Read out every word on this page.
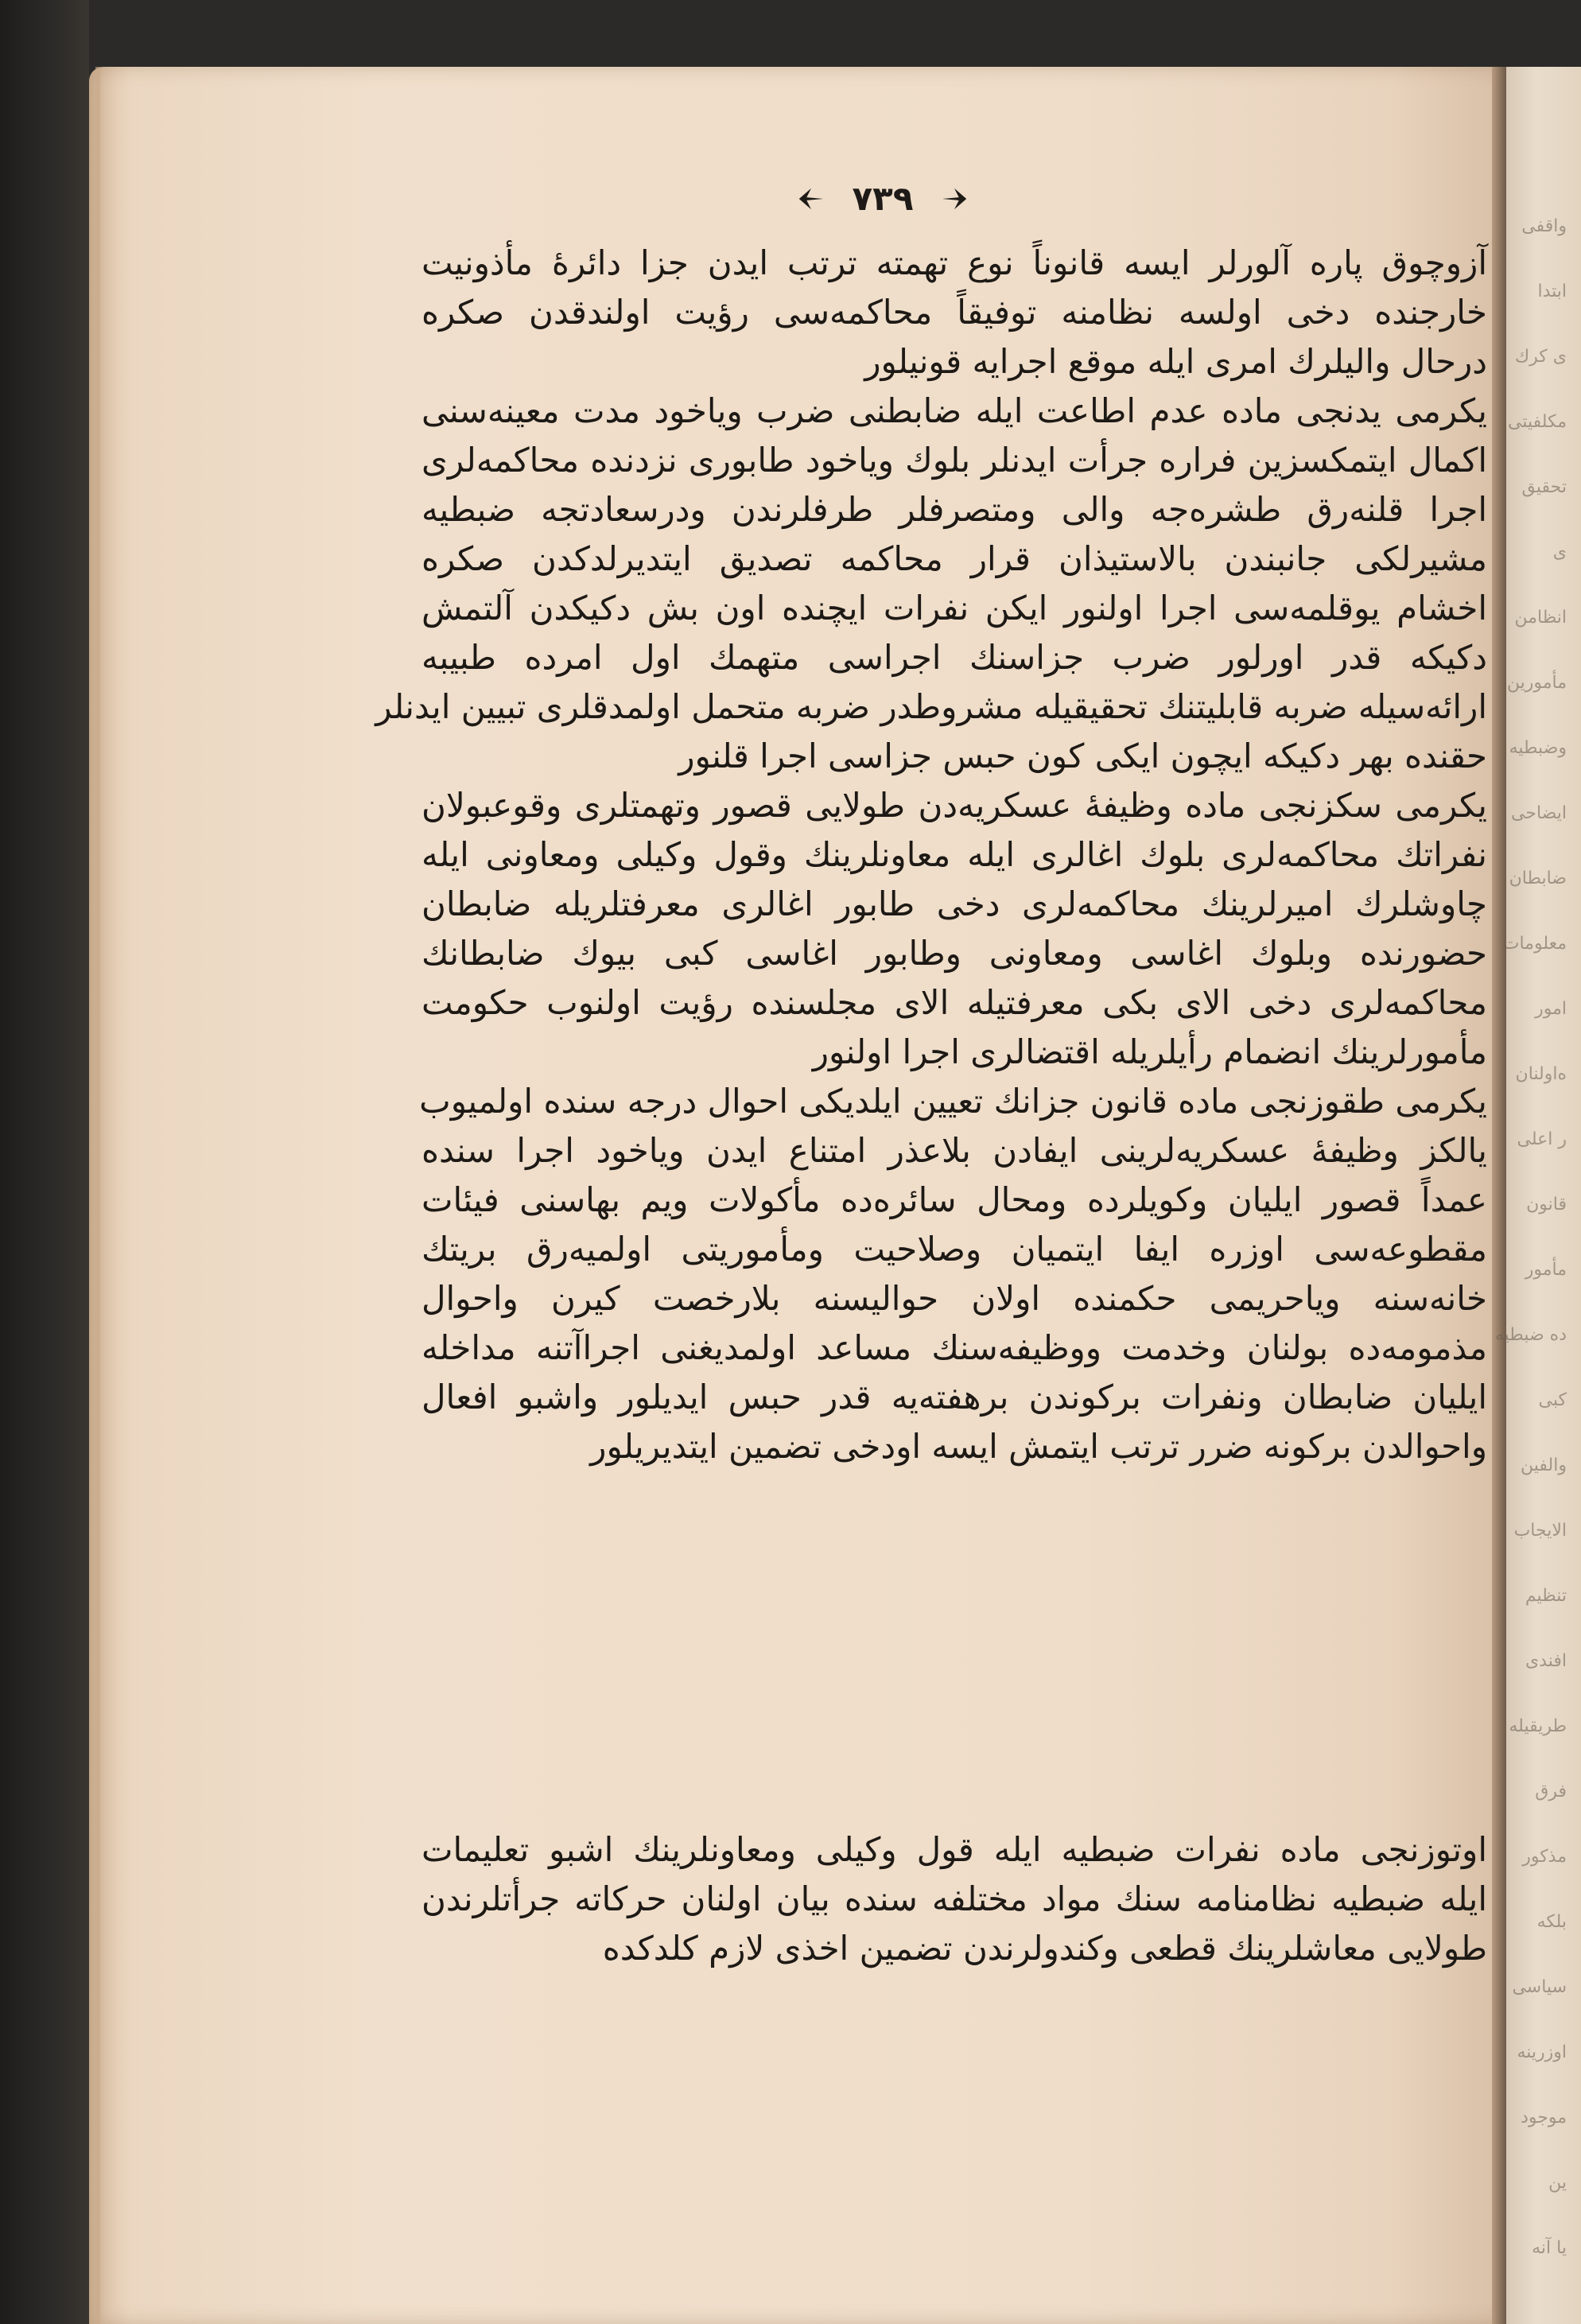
واقفی
ابتدا
ی کرك
مکلفیتی
تحقیق
ی
انظامن
مأمورین
وضبطیه
ایضاحی
ضابطان
معلومات
امور
ه‌اولنان
ر اعلی
قانون
مأمور
ده ضبطیه
کبی
والفین
الایجاب
تنظیم
افندی
طریقیله
فرق
مذکور
بلکه
سیاسی
اوزرینه
موجود
ین
یا آنه
۷۳۹
آزوچوق پاره آلورلر ایسه قانوناً نوع تهمته ترتب ایدن جزا دائرهٔ مأذونیت
خارجنده دخی اولسه نظامنه توفیقاً محاکمه‌سی رؤیت اولندقدن صکره
درحال والیلرك امری ایله موقع اجرایه قونیلور
یکرمی یدنجی ماده عدم اطاعت ایله ضابطنی ضرب ویاخود مدت معینه‌سنی
اکمال ایتمکسزین فراره جرأت ایدنلر بلوك وياخود طابوری نزدنده محاکمه‌لری
اجرا قلنه‌رق طشره‌جه والی ومتصرفلر طرفلرندن ودرسعادتجه ضبطیه
مشیرلکی جانبندن بالاستیذان قرار محاکمه تصدیق ایتدیرلدکدن صکره
اخشام یوقلمه‌سی اجرا اولنور ایکن نفرات ایچنده اون بش دکیکدن آلتمش
دکیکه قدر اورلور ضرب جزاسنك اجراسی متهمك اول امرده طبیبه
ارائه‌سیله ضربه قابلیتنك تحقیقیله مشروطدر ضربه متحمل اولمدقلری تبیین ایدنلر
حقنده بهر دکیکه ایچون ایکی کون حبس جزاسی اجرا قلنور
یکرمی سکزنجی ماده وظیفهٔ عسکریه‌دن طولایی قصور وتهمتلری وقوعبولان
نفراتك محاکمه‌لری بلوك اغالری ایله معاونلرینك وقول وکیلی ومعاونی ایله
چاوشلرك امیرلرینك محاکمه‌لری دخی طابور اغالری معرفتلریله ضابطان
حضورنده وبلوك اغاسی ومعاونی وطابور اغاسی کبی بیوك ضابطانك
محاکمه‌لری دخی الای بکی معرفتیله الای مجلسنده رؤیت اولنوب حکومت
مأمورلرینك انضمام رأیلریله اقتضالری اجرا اولنور
یکرمی طقوزنجی ماده قانون جزانك تعیین ایلدیکی احوال درجه سنده اولمیوب
یالکز وظیفهٔ عسکریه‌لرینی ایفادن بلاعذر امتناع ایدن وياخود اجرا سنده
عمداً قصور ایلیان وکویلرده ومحال سائره‌ده مأکولات ویم بهاسنی فیئات
مقطوعه‌سی اوزره ایفا ایتمیان وصلاحیت ومأموریتی اولمیه‌رق بریتك
خانه‌سنه وياحریمی حکمنده اولان حوالیسنه بلارخصت کیرن واحوال
مذمومه‌ده بولنان وخدمت ووظیفه‌سنك مساعد اولمدیغنی اجراآتنه مداخله
ایلیان ضابطان ونفرات برکوندن برهفته‌یه قدر حبس ایدیلور واشبو افعال
واحوالدن برکونه ضرر ترتب ایتمش ایسه اودخی تضمین ایتدیریلور
اوتوزنجی ماده نفرات ضبطیه ایله قول وکیلی ومعاونلرینك اشبو تعلیمات
ایله ضبطیه نظامنامه سنك مواد مختلفه سنده بیان اولنان حرکاته جرأتلرندن
طولایی معاشلرینك قطعی وکندولرندن تضمین اخذی لازم کلدکده
